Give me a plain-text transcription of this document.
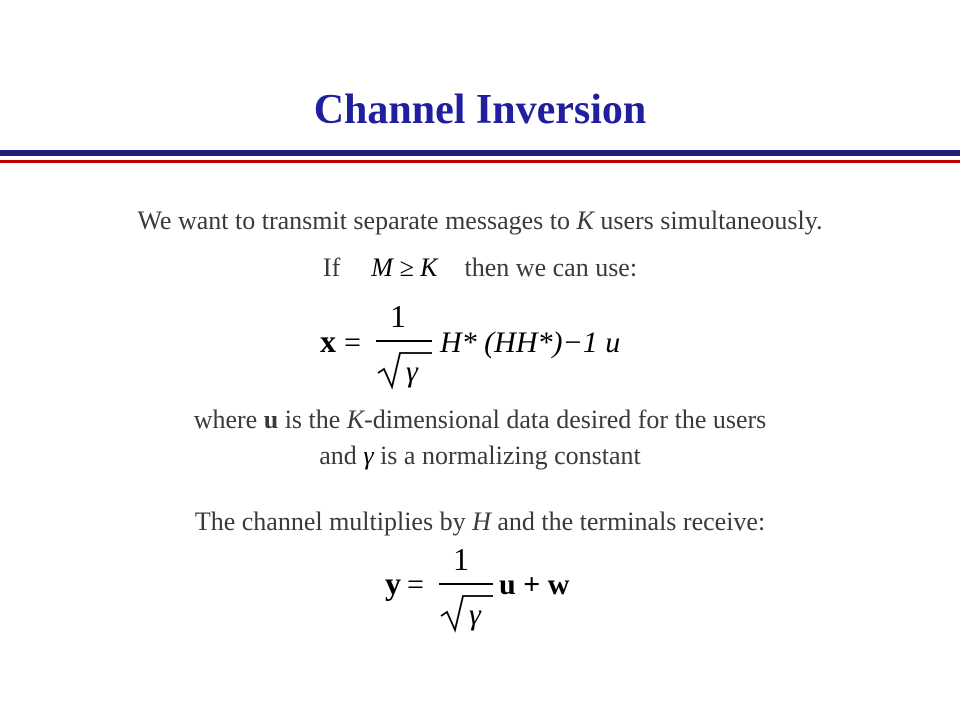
Channel Inversion
We want to transmit separate messages to K users simultaneously.
If M ≥ K then we can use:
x =
1
γ
H* (HH*)−1 u
where u is the K-dimensional data desired for the users
and γ is a normalizing constant
The channel multiplies by H and the terminals receive:
y =
1
γ
u + w
